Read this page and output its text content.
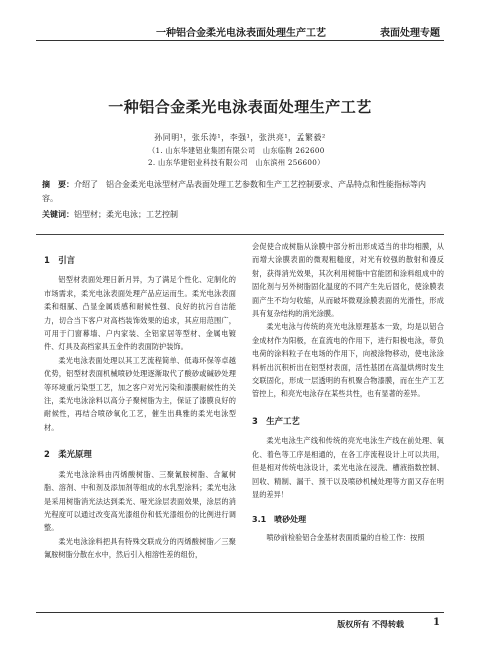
一种铝合金柔光电泳表面处理生产工艺	表面处理专题
一种铝合金柔光电泳表面处理生产工艺
孙同明¹，张乐涛¹，李强¹，张洪亮¹，孟繁毅²
（1. 山东华建铝业集团有限公司　山东临朐 262600
2. 山东华建铝业科技有限公司　山东滨州 256600）
摘　要：介绍了　铝合金柔光电泳型材产品表面处理工艺参数和生产工艺控制要求、产品特点和性能指标等内容。
关键词：铝型材；柔光电泳；工艺控制
1　引言

铝型材表面处理日新月异，为了满足个性化、定制化的市场需求，柔光电泳表面处理产品应运而生。柔光电泳表面柔和细腻、凸显金属质感和耐候性强、良好的抗污自洁能力，切合当下客户对高档装饰效果的追求，其应用范围广，可用于门窗幕墙、户内家装、全铝家居等型材、金属电镀件、灯具及高档家具五金件的表面防护装饰。

柔光电泳表面处理以其工艺流程简单、低毒环保等卓越优势，铝型材表面机械喷砂处理逐渐取代了酸砂或碱砂处理等环境重污染型工艺，加之客户对光污染和漆膜耐候性的关注，柔光电泳涂料以高分子聚树脂为主，保证了漆膜良好的耐候性，再结合喷砂氧化工艺，催生出典雅的柔光电泳型材。

2　柔光原理

柔光电泳涂料由丙烯酸树脂、三聚氰胺树脂、含氟树脂、溶剂、中和剂及添加剂等组成的水乳型涂料；柔光电泳是采用树脂消光法达到柔光、哑光涂层表面效果，涂层的消光程度可以通过改变高光漆组份和低光漆组份的比例进行调整。

柔光电泳涂料把具有特殊交联成分的丙烯酸树脂／三聚氰胺树脂分散在水中，然后引入相溶性差的组份，

会促使合成树脂从涂膜中部分析出形成适当的非均相膜，从而增大涂膜表面的微观粗糙度，对光有较强的散射和漫反射，获得消光效果，其次利用树脂中官能团和涂料组成中的固化剂与另外树脂固化温度的不同产生先后固化，使涂膜表面产生不均匀收缩，从而破坏微观涂膜表面的光滑性，形成具有复杂结构的消光涂膜。

柔光电泳与传统的亮光电泳原理基本一致，均是以铝合金成材作为阳极，在直流电的作用下，进行阳极电泳，带负电荷的涂料粒子在电场的作用下，向被涂物移动，使电泳涂料析出沉积析出在铝型材表面，活性基团在高温烘烤时发生交联固化，形成一层透明的有机聚合物漆膜，而在生产工艺管控上，和亮光电泳存在某些共性，也有显著的差异。

3　生产工艺

柔光电泳生产线和传统的亮光电泳生产线在前处理、氧化、着色等工序是相通的，在各工序流程设计上可以共用，但是相对传统电泳设计，柔光电泳在浸洗、槽液指数控制、回收、精制、漏干、预干以及喷砂机械处理等方面又存在明显的差异！

3.1　喷砂处理

喷砂前检验铝合金基材表面质量的自检工作：按照

版权所有 不得转载	1
